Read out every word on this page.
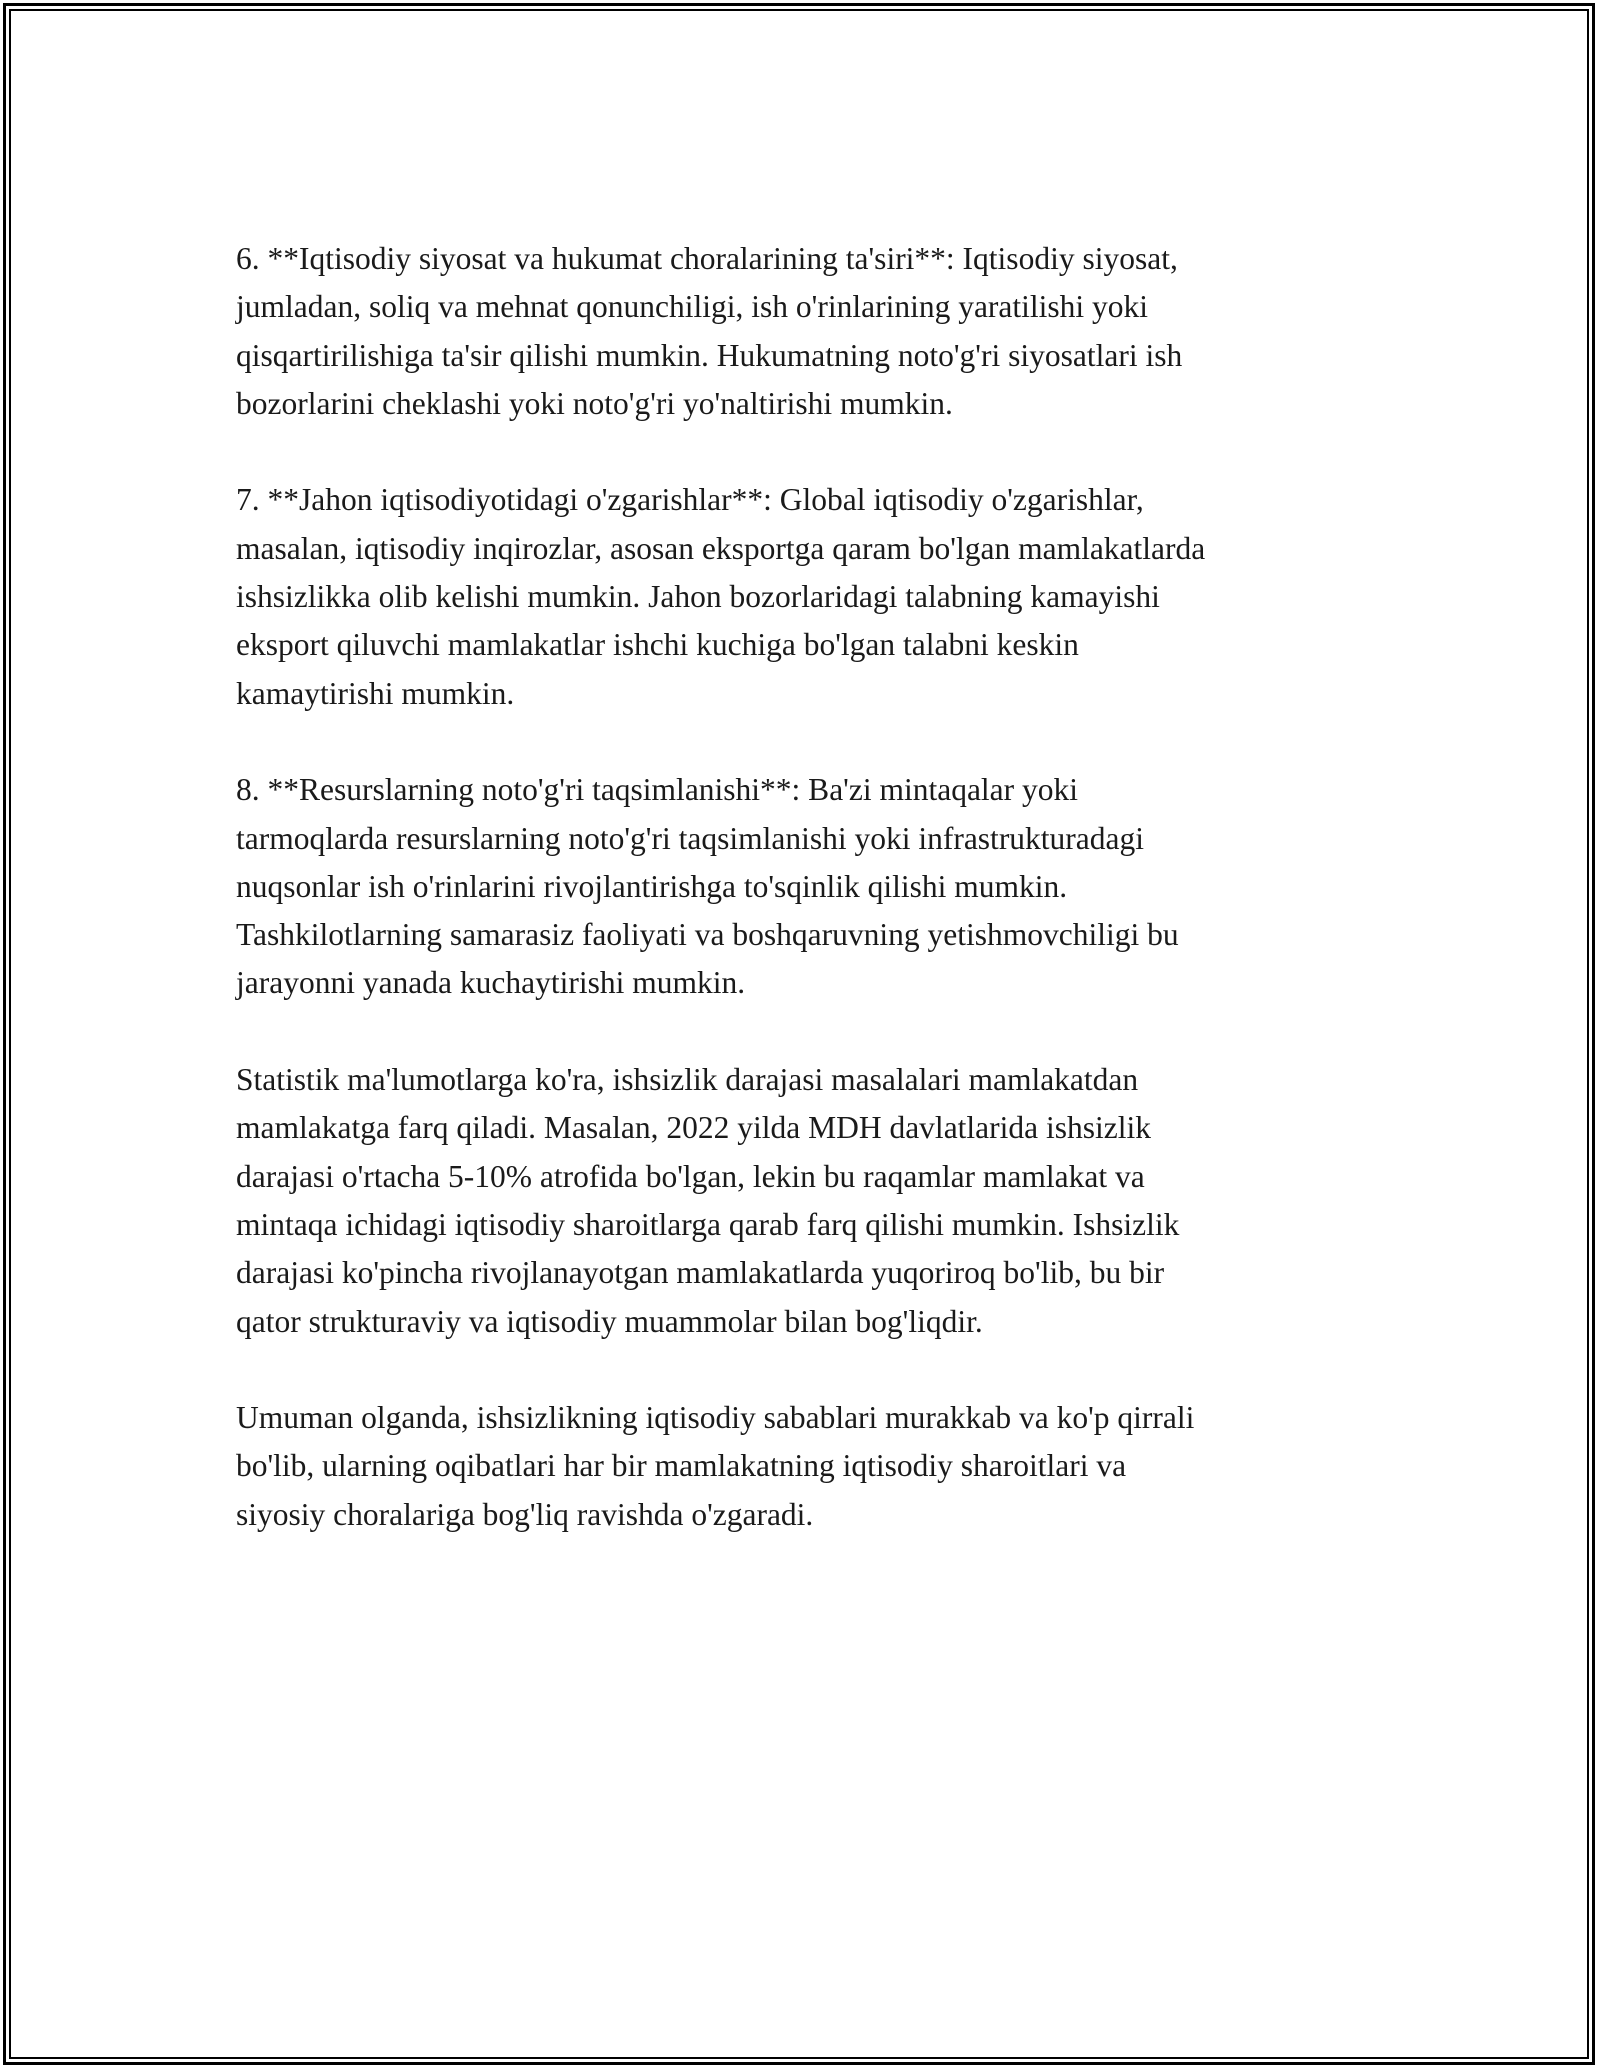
6. **Iqtisodiy siyosat va hukumat choralarining ta'siri**: Iqtisodiy siyosat,
jumladan, soliq va mehnat qonunchiligi, ish o'rinlarining yaratilishi yoki
qisqartirilishiga ta'sir qilishi mumkin. Hukumatning noto'g'ri siyosatlari ish
bozorlarini cheklashi yoki noto'g'ri yo'naltirishi mumkin.

7. **Jahon iqtisodiyotidagi o'zgarishlar**: Global iqtisodiy o'zgarishlar,
masalan, iqtisodiy inqirozlar, asosan eksportga qaram bo'lgan mamlakatlarda
ishsizlikka olib kelishi mumkin. Jahon bozorlaridagi talabning kamayishi
eksport qiluvchi mamlakatlar ishchi kuchiga bo'lgan talabni keskin
kamaytirishi mumkin.

8. **Resurslarning noto'g'ri taqsimlanishi**: Ba'zi mintaqalar yoki
tarmoqlarda resurslarning noto'g'ri taqsimlanishi yoki infrastrukturadagi
nuqsonlar ish o'rinlarini rivojlantirishga to'sqinlik qilishi mumkin.
Tashkilotlarning samarasiz faoliyati va boshqaruvning yetishmovchiligi bu
jarayonni yanada kuchaytirishi mumkin.

Statistik ma'lumotlarga ko'ra, ishsizlik darajasi masalalari mamlakatdan
mamlakatga farq qiladi. Masalan, 2022 yilda MDH davlatlarida ishsizlik
darajasi o'rtacha 5-10% atrofida bo'lgan, lekin bu raqamlar mamlakat va
mintaqa ichidagi iqtisodiy sharoitlarga qarab farq qilishi mumkin. Ishsizlik
darajasi ko'pincha rivojlanayotgan mamlakatlarda yuqoriroq bo'lib, bu bir
qator strukturaviy va iqtisodiy muammolar bilan bog'liqdir.

Umuman olganda, ishsizlikning iqtisodiy sabablari murakkab va ko'p qirrali
bo'lib, ularning oqibatlari har bir mamlakatning iqtisodiy sharoitlari va
siyosiy choralariga bog'liq ravishda o'zgaradi.
